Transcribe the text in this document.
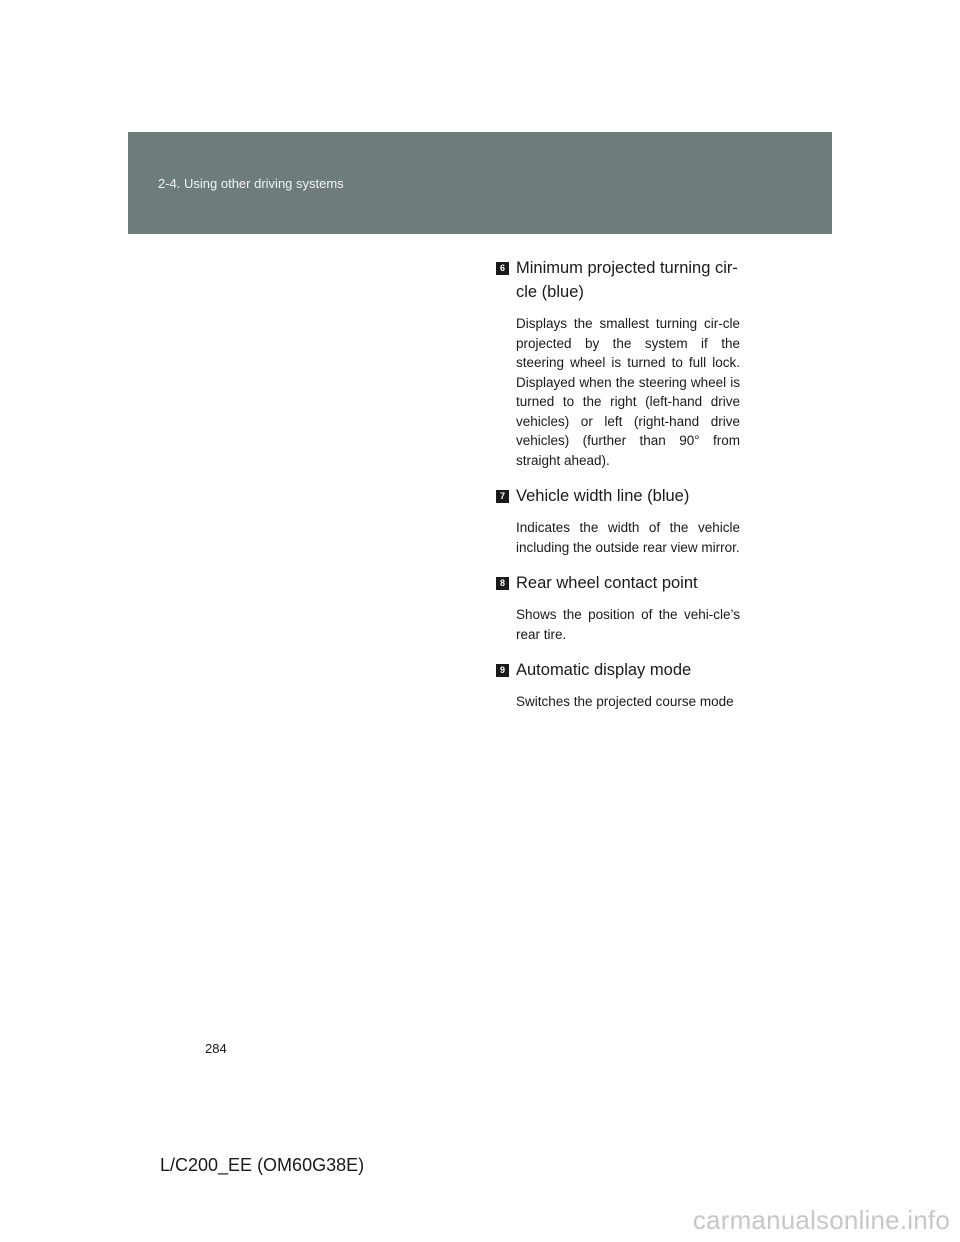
2-4. Using other driving systems
6 Minimum projected turning cir-
cle (blue)
Displays the smallest turning cir-cle projected by the system if the steering wheel is turned to full lock. Displayed when the steering wheel is turned to the right (left-hand drive vehicles) or left (right-hand drive vehicles) (further than 90° from straight ahead).
7 Vehicle width line (blue)
Indicates the width of the vehicle including the outside rear view mirror.
8 Rear wheel contact point
Shows the position of the vehi-cle’s rear tire.
9 Automatic display mode
Switches the projected course mode
284
L/C200_EE (OM60G38E)
carmanualsonline.info
